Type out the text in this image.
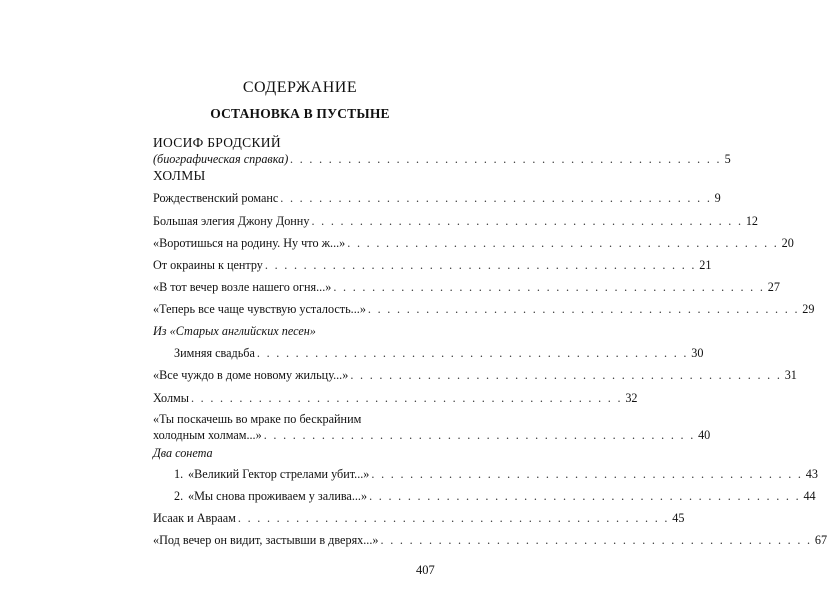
СОДЕРЖАНИЕ
ОСТАНОВКА В ПУСТЫНЕ
ИОСИФ БРОДСКИЙ
(биографическая справка) . . . . . . . . . . . . . . . . . . . . . . . . . . . . . . . . . . . . . . . . . . . . . 5
ХОЛМЫ
Рождественский романс . . . . . . . . . . . . . . . . . . . . . . . . . . . . . . . . . . . . . . . . . . . . . 9
Большая элегия Джону Донну . . . . . . . . . . . . . . . . . . . . . . . . . . . . . . . . . . . . . . . . . . . . . 12
«Воротишься на родину. Ну что ж...» . . . . . . . . . . . . . . . . . . . . . . . . . . . . . . . . . . . . . . . . . . . . . 20
От окраины к центру . . . . . . . . . . . . . . . . . . . . . . . . . . . . . . . . . . . . . . . . . . . . . 21
«В тот вечер возле нашего огня...» . . . . . . . . . . . . . . . . . . . . . . . . . . . . . . . . . . . . . . . . . . . . . 27
«Теперь все чаще чувствую усталость...» . . . . . . . . . . . . . . . . . . . . . . . . . . . . . . . . . . . . . . . . . . . . . 29
Из «Старых английских песен»
Зимняя свадьба . . . . . . . . . . . . . . . . . . . . . . . . . . . . . . . . . . . . . . . . . . . . . 30
«Все чуждо в доме новому жильцу...» . . . . . . . . . . . . . . . . . . . . . . . . . . . . . . . . . . . . . . . . . . . . . 31
Холмы . . . . . . . . . . . . . . . . . . . . . . . . . . . . . . . . . . . . . . . . . . . . . 32
«Ты поскачешь во мраке по бескрайним
холодным холмам...» . . . . . . . . . . . . . . . . . . . . . . . . . . . . . . . . . . . . . . . . . . . . . 40
Два сонета
1. «Великий Гектор стрелами убит...» . . . . . . . . . . . . . . . . . . . . . . . . . . . . . . . . . . . . . . . . . . . . . 43
2. «Мы снова проживаем у залива...» . . . . . . . . . . . . . . . . . . . . . . . . . . . . . . . . . . . . . . . . . . . . . 44
Исаак и Авраам . . . . . . . . . . . . . . . . . . . . . . . . . . . . . . . . . . . . . . . . . . . . . 45
«Под вечер он видит, застывши в дверях...» . . . . . . . . . . . . . . . . . . . . . . . . . . . . . . . . . . . . . . . . . . . . . 67
407
